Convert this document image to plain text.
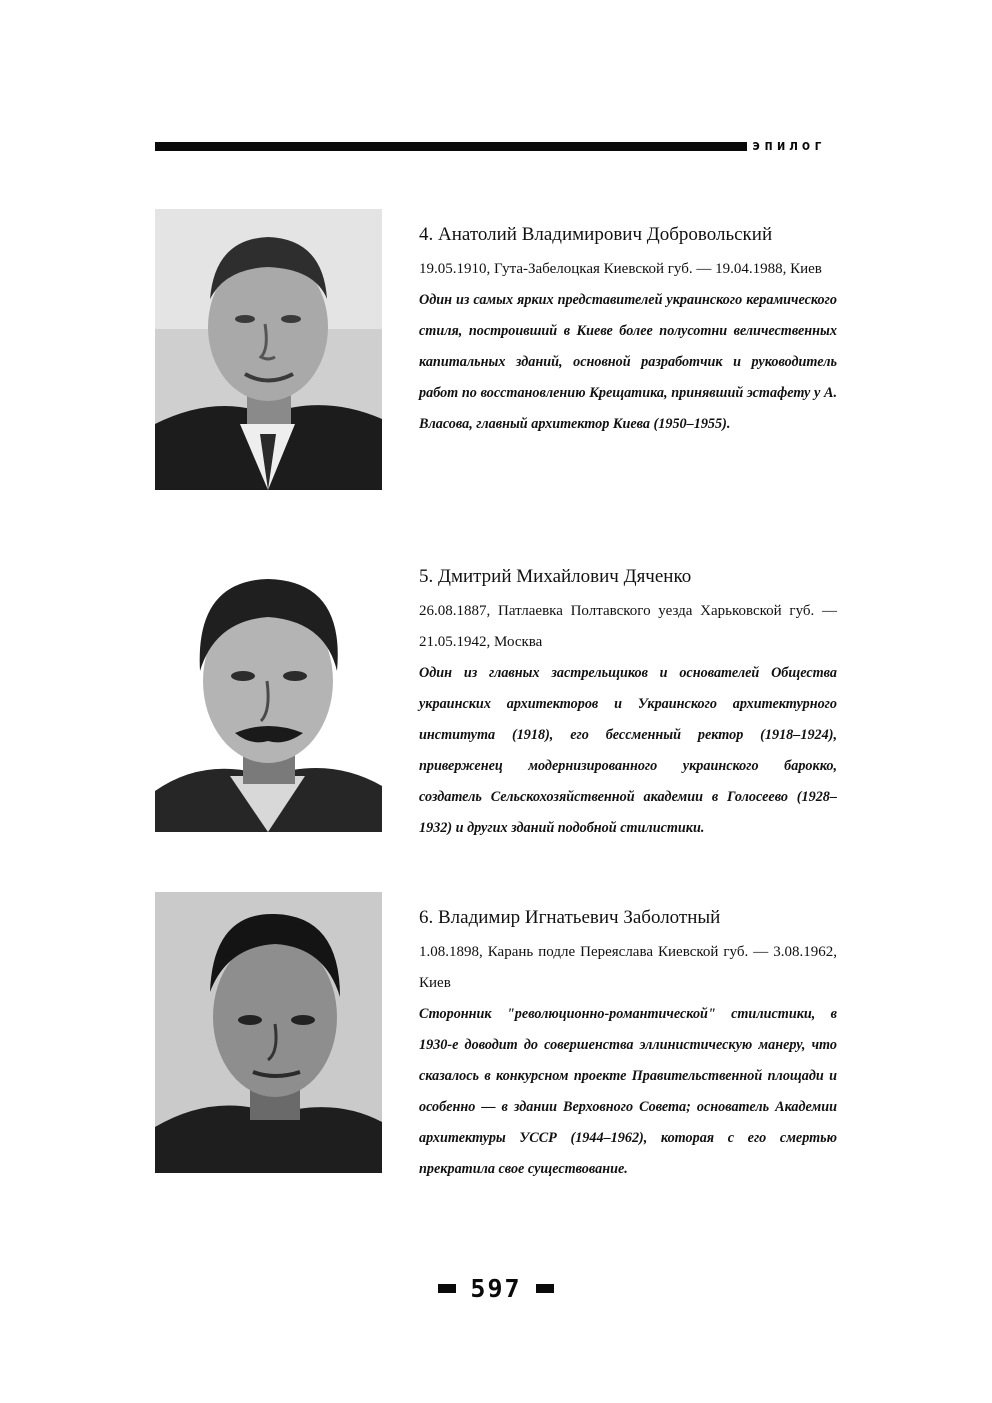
эпилог

4. Анатолий Владимирович Добровольский

19.05.1910, Гута-Забелоцкая Киевской губ. — 19.04.1988, Киев

Один из самых ярких представителей украинского керамического стиля, построивший в Киеве более полусотни величественных капитальных зданий, основной разработчик и руководитель работ по восстановлению Крещатика, принявший эстафету у А. Власова, главный архитектор Киева (1950–1955).

5. Дмитрий Михайлович Дяченко

26.08.1887, Патлаевка Полтавского уезда Харьковской губ. — 21.05.1942, Москва

Один из главных застрельщиков и основателей Общества украинских архитекторов и Украинского архитектурного института (1918), его бессменный ректор (1918–1924), приверженец модернизированного украинского барокко, создатель Сельскохозяйственной академии в Голосеево (1928–1932) и других зданий подобной стилистики.

6. Владимир Игнатьевич Заболотный

1.08.1898, Карань подле Переяслава Киевской губ. — 3.08.1962, Киев

Сторонник "революционно-романтической" стилистики, в 1930-е доводит до совершенства эллинистическую манеру, что сказалось в конкурсном проекте Правительственной площади и особенно — в здании Верховного Совета; основатель Академии архитектуры УССР (1944–1962), которая с его смертью прекратила свое существование.

597
